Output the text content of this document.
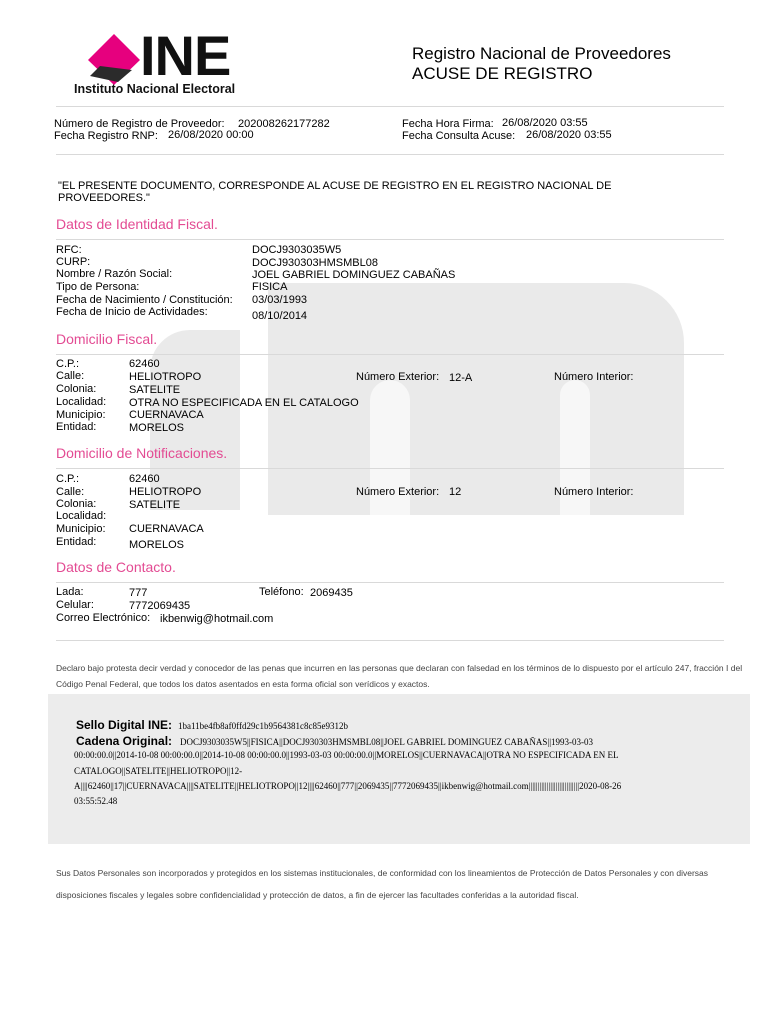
INE
Instituto Nacional Electoral
Registro Nacional de Proveedores
ACUSE DE REGISTRO
Número de Registro de Proveedor: 202008262177282
Fecha Registro RNP: 26/08/2020 00:00
Fecha Hora Firma: 26/08/2020 03:55
Fecha Consulta Acuse: 26/08/2020 03:55
"EL PRESENTE DOCUMENTO, CORRESPONDE AL ACUSE DE REGISTRO EN EL REGISTRO NACIONAL DE PROVEEDORES."
Datos de Identidad Fiscal.
RFC:	DOCJ9303035W5
CURP:	DOCJ930303HMSMBL08
Nombre / Razón Social:	JOEL GABRIEL DOMINGUEZ CABAÑAS
Tipo de Persona:	FISICA
Fecha de Nacimiento / Constitución: 03/03/1993
Fecha de Inicio de Actividades:	08/10/2014
Domicilio Fiscal.
C.P.:	62460
Calle:	HELIOTROPO
Colonia:	SATELITE
Localidad: OTRA NO ESPECIFICADA EN EL CATALOGO
Municipio: CUERNAVACA
Entidad:	MORELOS
Número Exterior: 12-A	Número Interior:
Domicilio de Notificaciones.
C.P.:	62460
Calle:	HELIOTROPO
Colonia:	SATELITE
Localidad:
Municipio: CUERNAVACA
Entidad:	MORELOS
Número Exterior: 12	Número Interior:
Datos de Contacto.
Lada:	777	Teléfono: 2069435
Celular:	7772069435
Correo Electrónico: ikbenwig@hotmail.com
Declaro bajo protesta decir verdad y conocedor de las penas que incurren en las personas que declaran con falsedad en los términos de lo dispuesto por el artículo 247, fracción I del Código Penal Federal, que todos los datos asentados en esta forma oficial son verídicos y exactos.
Sello Digital INE: 1ba11be4fb8af0ffd29c1b9564381c8c85e9312b
Cadena Original: DOCJ9303035W5||FISICA||DOCJ930303HMSMBL08||JOEL GABRIEL DOMINGUEZ CABAÑAS||1993-03-03
00:00:00.0||2014-10-08 00:00:00.0||2014-10-08 00:00:00.0||1993-03-03 00:00:00.0||MORELOS||CUERNAVACA||OTRA NO ESPECIFICADA EN EL
CATALOGO||SATELITE||HELIOTROPO||12-
A||||62460||17||CUERNAVACA||||SATELITE||HELIOTROPO||12||||62460||777||2069435||7772069435||ikbenwig@hotmail.com||||||||||||||||||||||||||||2020-08-26
03:55:52.48
Sus Datos Personales son incorporados y protegidos en los sistemas institucionales, de conformidad con los lineamientos de Protección de Datos Personales y con diversas disposiciones fiscales y legales sobre confidencialidad y protección de datos, a fin de ejercer las facultades conferidas a la autoridad fiscal.
